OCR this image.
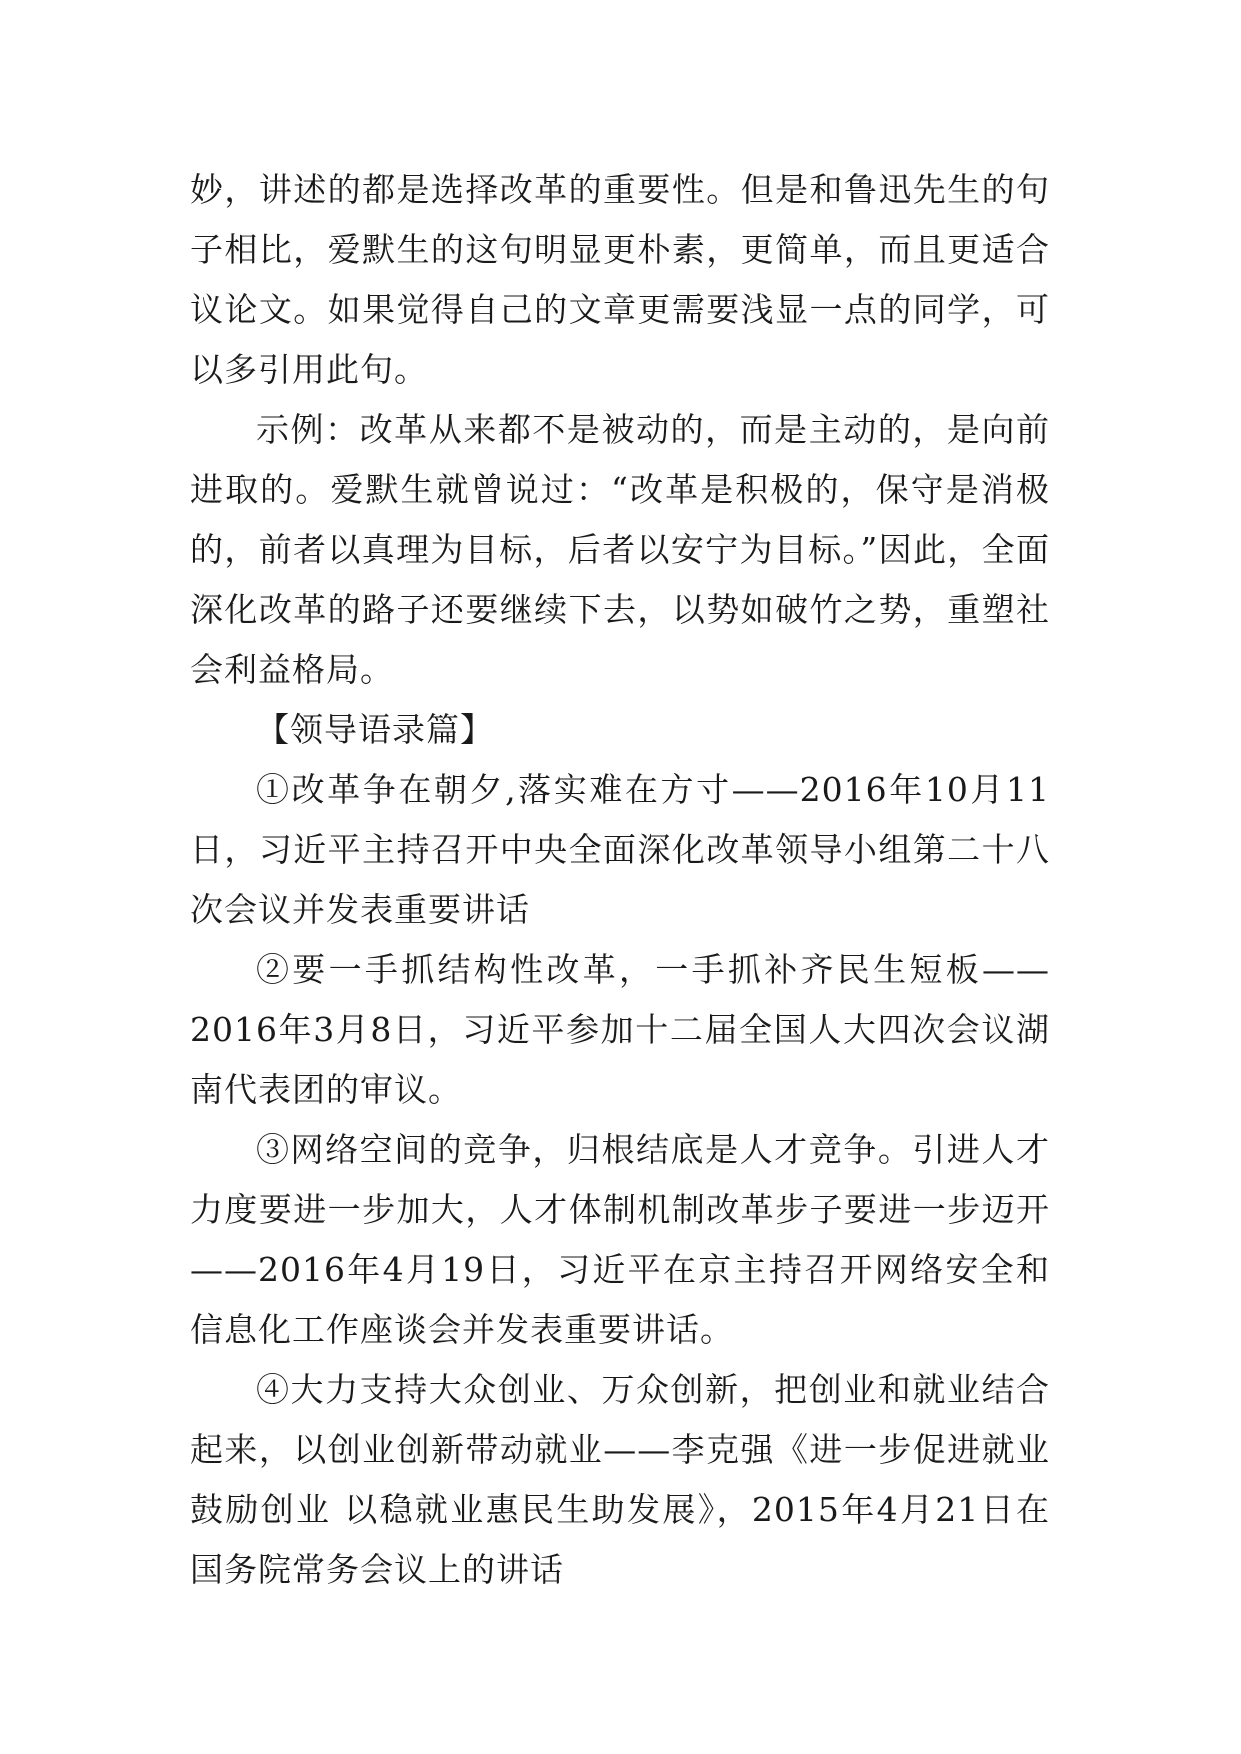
妙，讲述的都是选择改革的重要性。但是和鲁迅先生的句子相比，爱默生的这句明显更朴素，更简单，而且更适合议论文。如果觉得自己的文章更需要浅显一点的同学，可以多引用此句。

示例：改革从来都不是被动的，而是主动的，是向前进取的。爱默生就曾说过：“改革是积极的，保守是消极的，前者以真理为目标，后者以安宁为目标。”因此，全面深化改革的路子还要继续下去，以势如破竹之势，重塑社会利益格局。

【领导语录篇】

①改革争在朝夕,落实难在方寸——2016年10月11日，习近平主持召开中央全面深化改革领导小组第二十八次会议并发表重要讲话

②要一手抓结构性改革，一手抓补齐民生短板——2016年3月8日，习近平参加十二届全国人大四次会议湖南代表团的审议。

③网络空间的竞争，归根结底是人才竞争。引进人才力度要进一步加大，人才体制机制改革步子要进一步迈开——2016年4月19日，习近平在京主持召开网络安全和信息化工作座谈会并发表重要讲话。

④大力支持大众创业、万众创新，把创业和就业结合起来，以创业创新带动就业——李克强《进一步促进就业鼓励创业 以稳就业惠民生助发展》，2015年4月21日在国务院常务会议上的讲话
